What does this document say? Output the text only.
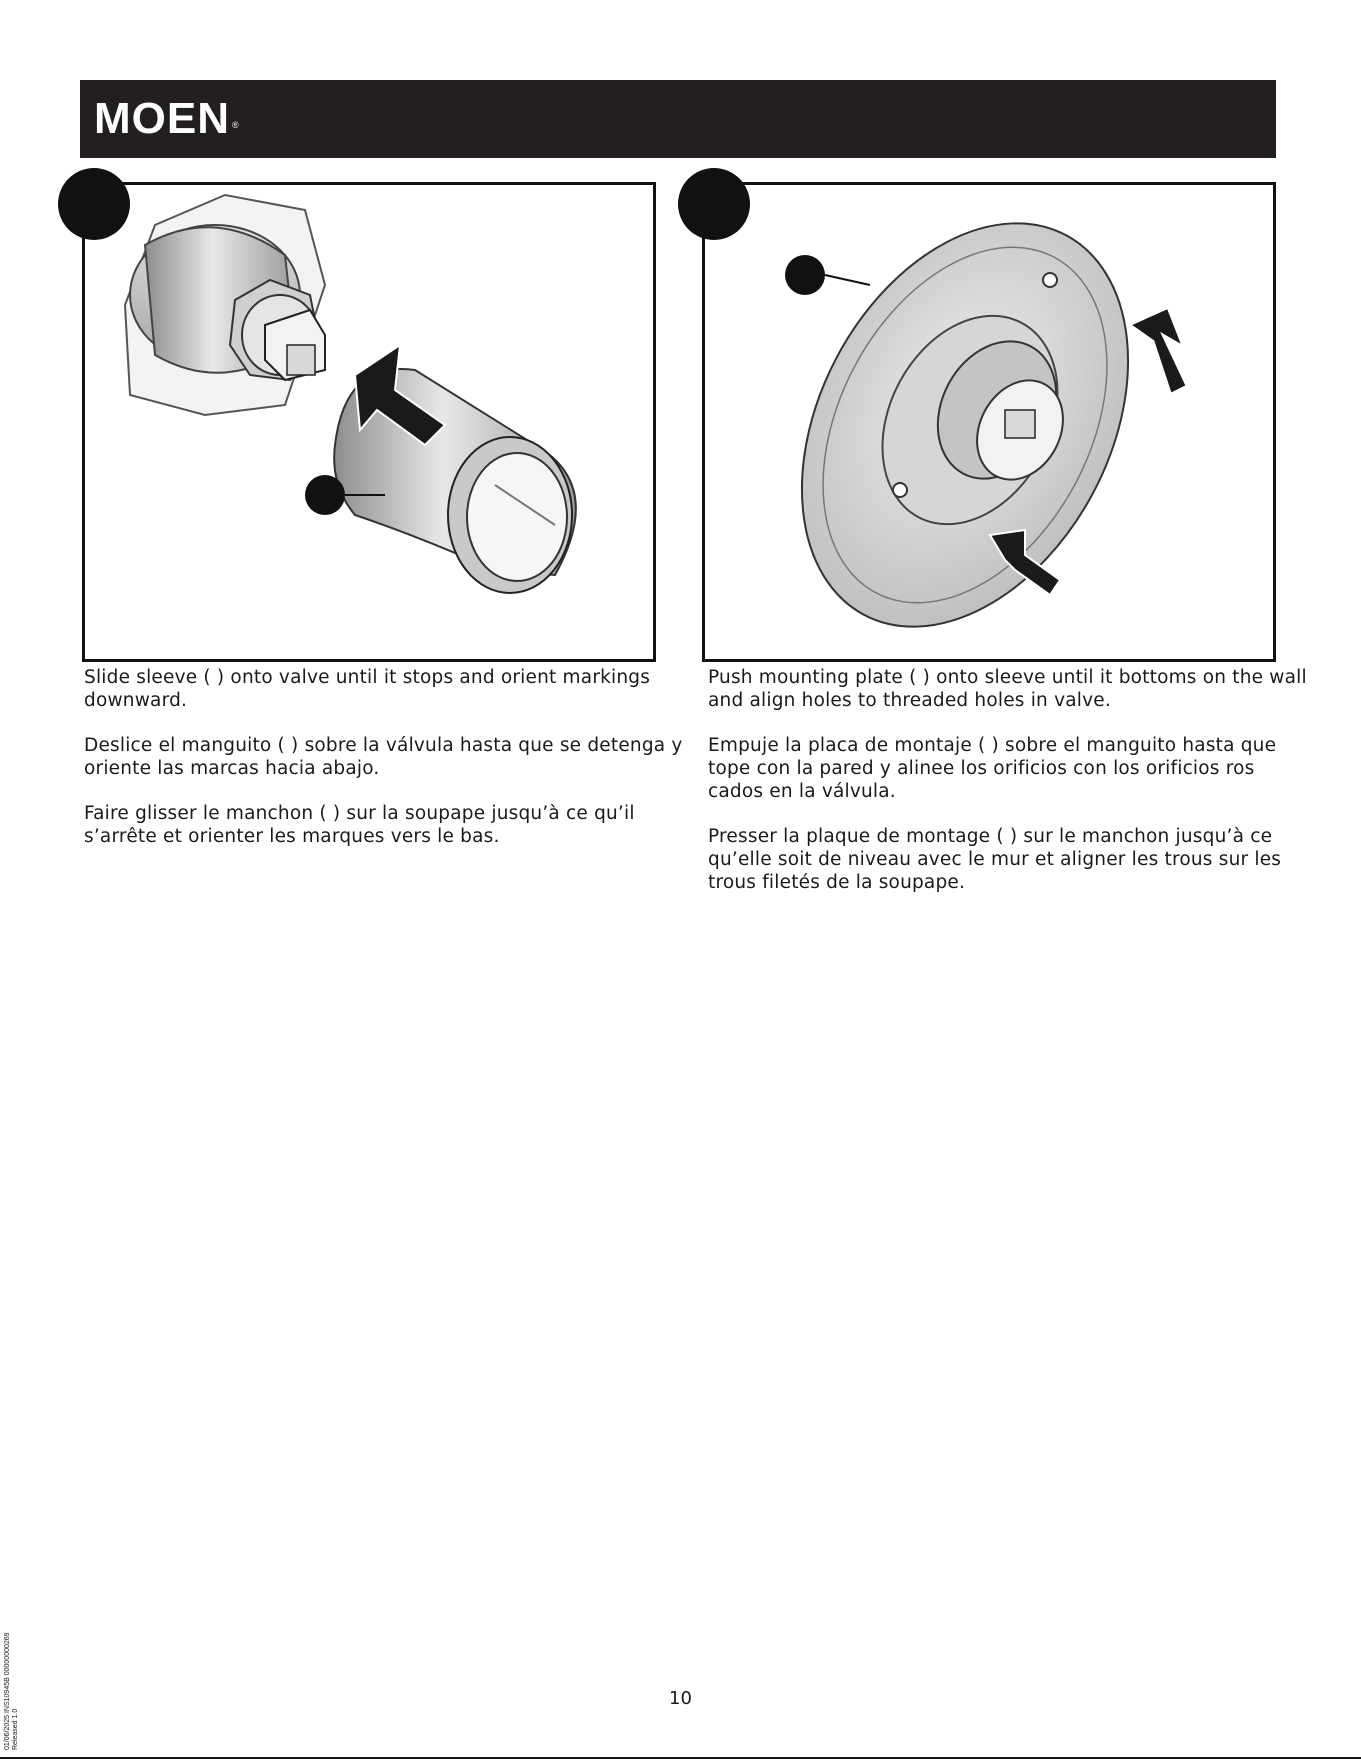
MOEN ®

Slide sleeve ( ) onto valve until it stops and orient markings downward.

Deslice el manguito ( ) sobre la válvula hasta que se detenga y oriente las marcas hacia abajo.

Faire glisser le manchon ( ) sur la soupape jusqu’à ce qu’il s’arrête et orienter les marques vers le bas.

Push mounting plate ( ) onto sleeve until it bottoms on the wall and align holes to threaded holes in valve.

Empuje la placa de montaje ( ) sobre el manguito hasta que tope con la pared y alinee los orificios con los orificios ros cados en la válvula.

Presser la plaque de montage ( ) sur le manchon jusqu’à ce qu’elle soit de niveau avec le mur et aligner les trous sur les trous filetés de la soupape.

10
01/06/2025 INS10945B 00000000269 Released 1.0
